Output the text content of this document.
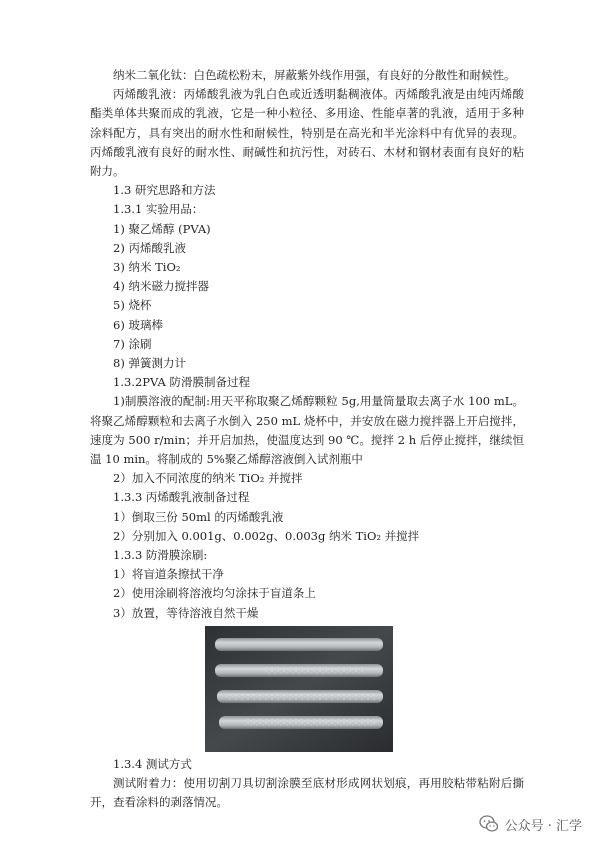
纳米二氧化钛：白色疏松粉末，屏蔽紫外线作用强，有良好的分散性和耐候性。

丙烯酸乳液：丙烯酸乳液为乳白色或近透明黏稠液体。丙烯酸乳液是由纯丙烯酸酯类单体共聚而成的乳液，它是一种小粒径、多用途、性能卓著的乳液，适用于多种涂料配方，具有突出的耐水性和耐候性，特别是在高光和半光涂料中有优异的表现。丙烯酸乳液有良好的耐水性、耐碱性和抗污性，对砖石、木材和钢材表面有良好的粘附力。

1.3 研究思路和方法

1.3.1 实验用品：

1) 聚乙烯醇 (PVA)

2) 丙烯酸乳液

3) 纳米 TiO₂

4) 纳米磁力搅拌器

5) 烧杯

6) 玻璃棒

7) 涂刷

8) 弹簧测力计

1.3.2PVA 防滑膜制备过程

1)制膜溶液的配制:用天平称取聚乙烯醇颗粒 5g,用量筒量取去离子水 100 mL。将聚乙烯醇颗粒和去离子水倒入 250 mL 烧杯中，并安放在磁力搅拌器上开启搅拌，速度为 500 r/min；并开启加热，使温度达到 90 ℃。搅拌 2 h 后停止搅拌，继续恒温 10 min。将制成的 5%聚乙烯醇溶液倒入试剂瓶中

2）加入不同浓度的纳米 TiO₂ 并搅拌

1.3.3 丙烯酸乳液制备过程

1）倒取三份 50ml 的丙烯酸乳液

2）分别加入 0.001g、0.002g、0.003g 纳米 TiO₂ 并搅拌

1.3.3 防滑膜涂刷:

1）将盲道条擦拭干净

2）使用涂刷将溶液均匀涂抹于盲道条上

3）放置，等待溶液自然干燥

1.3.4 测试方式

测试附着力：使用切割刀具切割涂膜至底材形成网状划痕，再用胶粘带粘附后撕开，查看涂料的剥落情况。

公众号 · 汇学
